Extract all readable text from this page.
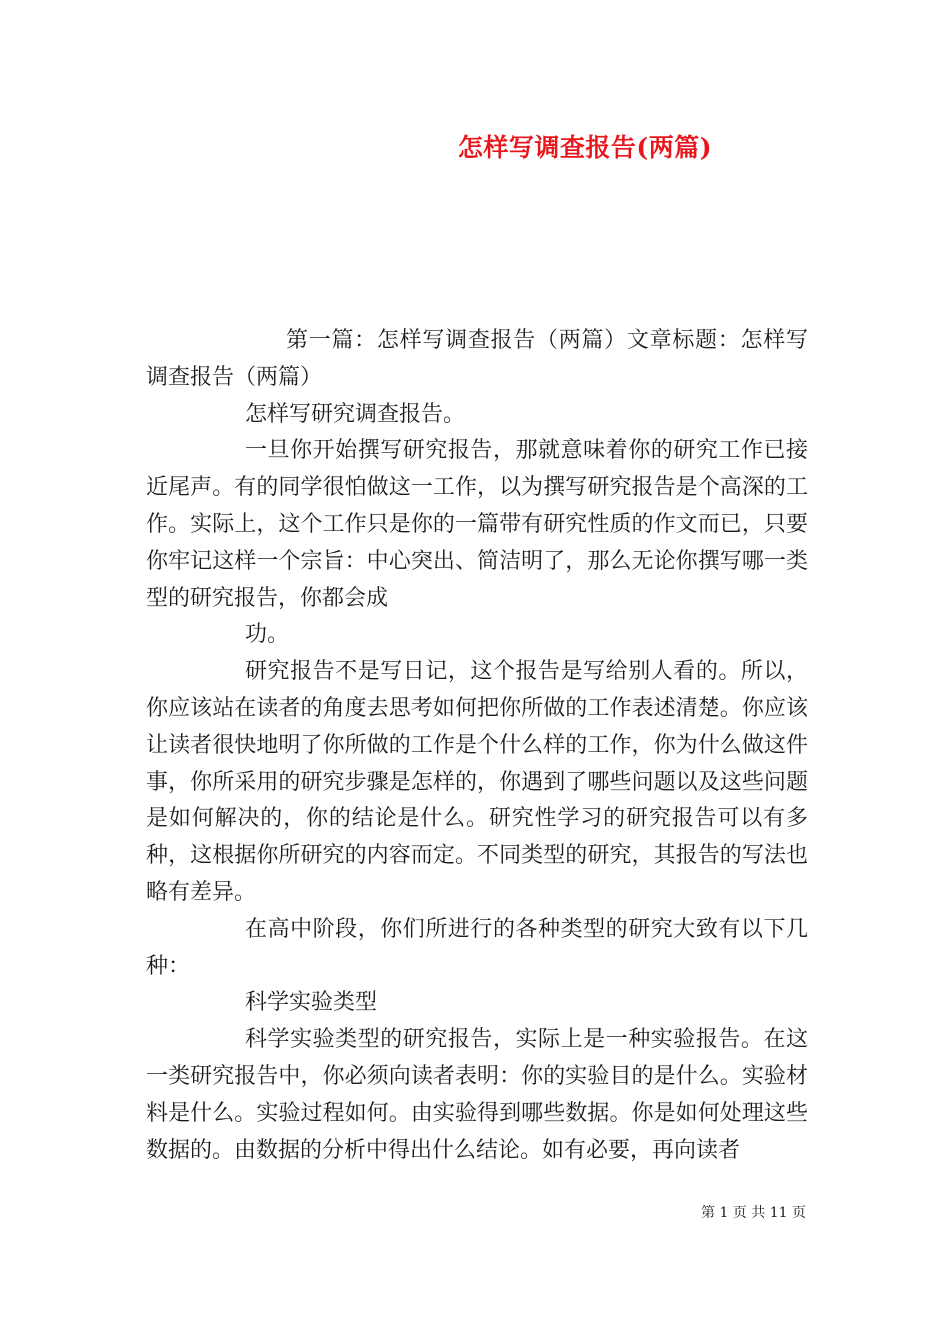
怎样写调查报告(两篇)

第一篇：怎样写调查报告（两篇）文章标题：怎样写调查报告（两篇）

怎样写研究调查报告。

一旦你开始撰写研究报告，那就意味着你的研究工作已接近尾声。有的同学很怕做这一工作，以为撰写研究报告是个高深的工作。实际上，这个工作只是你的一篇带有研究性质的作文而已，只要你牢记这样一个宗旨：中心突出、简洁明了，那么无论你撰写哪一类型的研究报告，你都会成

功。

研究报告不是写日记，这个报告是写给别人看的。所以，你应该站在读者的角度去思考如何把你所做的工作表述清楚。你应该让读者很快地明了你所做的工作是个什么样的工作，你为什么做这件事，你所采用的研究步骤是怎样的，你遇到了哪些问题以及这些问题是如何解决的，你的结论是什么。研究性学习的研究报告可以有多种，这根据你所研究的内容而定。不同类型的研究，其报告的写法也略有差异。

在高中阶段，你们所进行的各种类型的研究大致有以下几种：

科学实验类型

科学实验类型的研究报告，实际上是一种实验报告。在这一类研究报告中，你必须向读者表明：你的实验目的是什么。实验材料是什么。实验过程如何。由实验得到哪些数据。你是如何处理这些数据的。由数据的分析中得出什么结论。如有必要，再向读者

第 1 页 共 11 页
